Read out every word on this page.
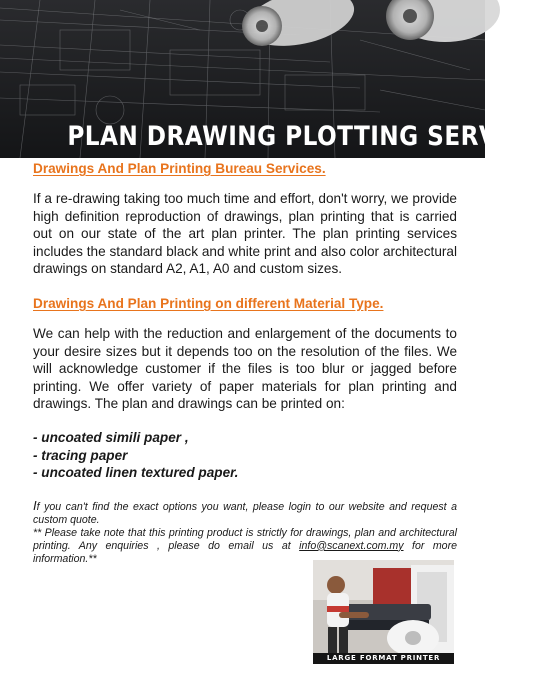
PLAN DRAWING PLOTTING SERVICE
Drawings And Plan Printing Bureau Services.

If a re-drawing taking too much time and effort, don't worry, we provide high definition reproduction of drawings, plan printing that is carried out on our state of the art plan printer. The plan printing services includes the standard black and white print and also color architectural drawings on standard A2, A1, A0 and custom sizes.

Drawings And Plan Printing on different Material Type.

We can help with the reduction and enlargement of the documents to your desire sizes but it depends too on the resolution of the files. We will acknowledge customer if the files is too blur or jagged before printing. We offer variety of paper materials for plan printing and drawings. The plan and drawings can be printed on:

- uncoated simili paper ,
- tracing paper
- uncoated linen textured paper.

If you can't find the exact options you want, please login to our website and request a custom quote.

** Please take note that this printing product is strictly for drawings, plan and architectural printing. Any enquiries , please do email us at info@scanext.com.my for more information.**

LARGE FORMAT PRINTER
